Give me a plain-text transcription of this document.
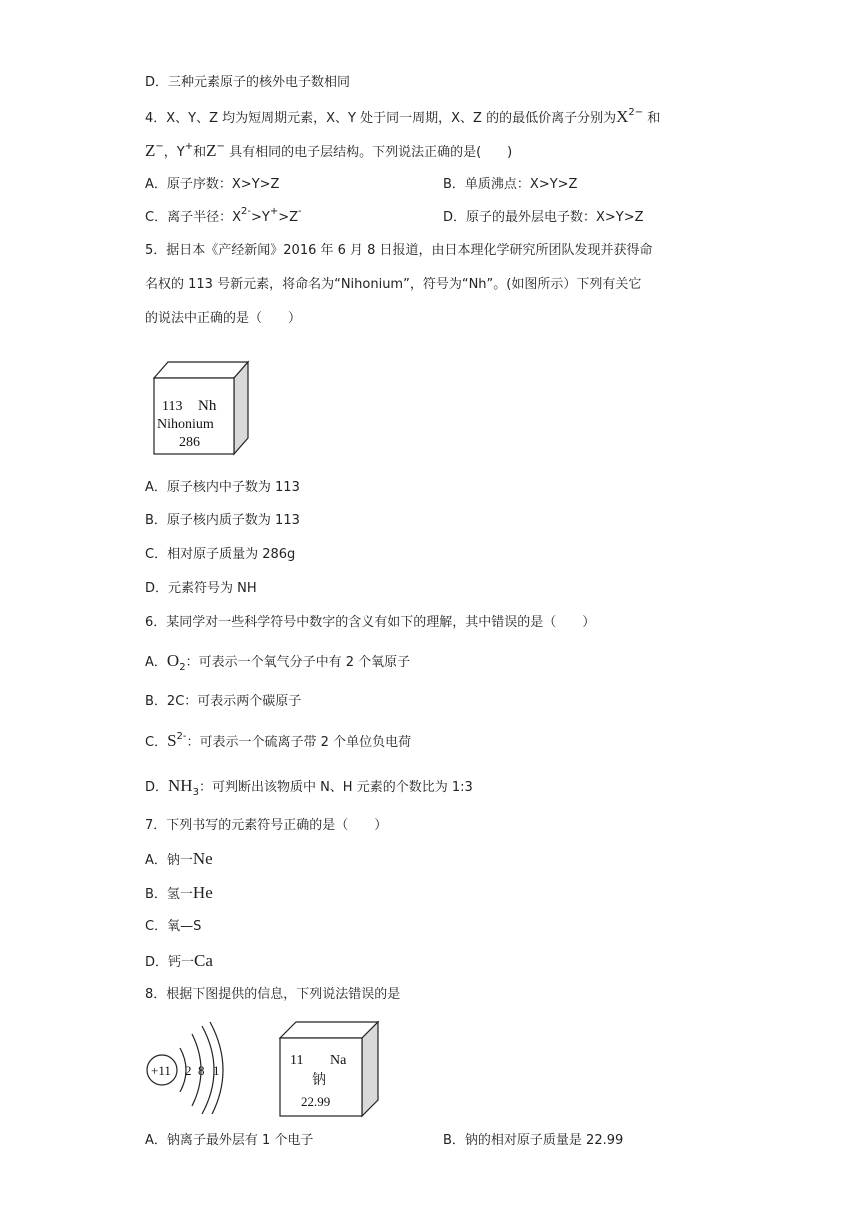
D．三种元素原子的核外电子数相同
4．X、Y、Z 均为短周期元素，X、Y 处于同一周期，X、Z 的的最低价离子分别为$X^{2-}$ 和
Z−，Y+和Z− 具有相同的电子层结构。下列说法正确的是(　　)
A．原子序数：X>Y>Z	B．单质沸点：X>Y>Z
C．离子半径：$X^{2-}>Y^+>Z^-$	D．原子的最外层电子数：X>Y>Z
5．据日本《产经新闻》2016 年 6 月 8 日报道，由日本理化学研究所团队发现并获得命
名权的 113 号新元素，将命名为“Nihonium”，符号为“Nh”。(如图所示）下列有关它
的说法中正确的是（　　）
113 Nh
Nihonium
286
A．原子核内中子数为 113
B．原子核内质子数为 113
C．相对原子质量为 286g
D．元素符号为 NH
6．某同学对一些科学符号中数字的含义有如下的理解，其中错误的是（　　）
A．$O_2$：可表示一个氧气分子中有 2 个氧原子
B．2C：可表示两个碳原子
C．$S^{2-}$：可表示一个硫离子带 2 个单位负电荷
D．$NH_3$：可判断出该物质中 N、H 元素的个数比为 1:3
7．下列书写的元素符号正确的是（　　）
A．钠一Ne
B．氢一He
C．氧—S
D．钙一Ca
8．根据下图提供的信息，下列说法错误的是
+11 2 8 1
11 Na
钠
22.99
A．钠离子最外层有 1 个电子	B．钠的相对原子质量是 22.99
